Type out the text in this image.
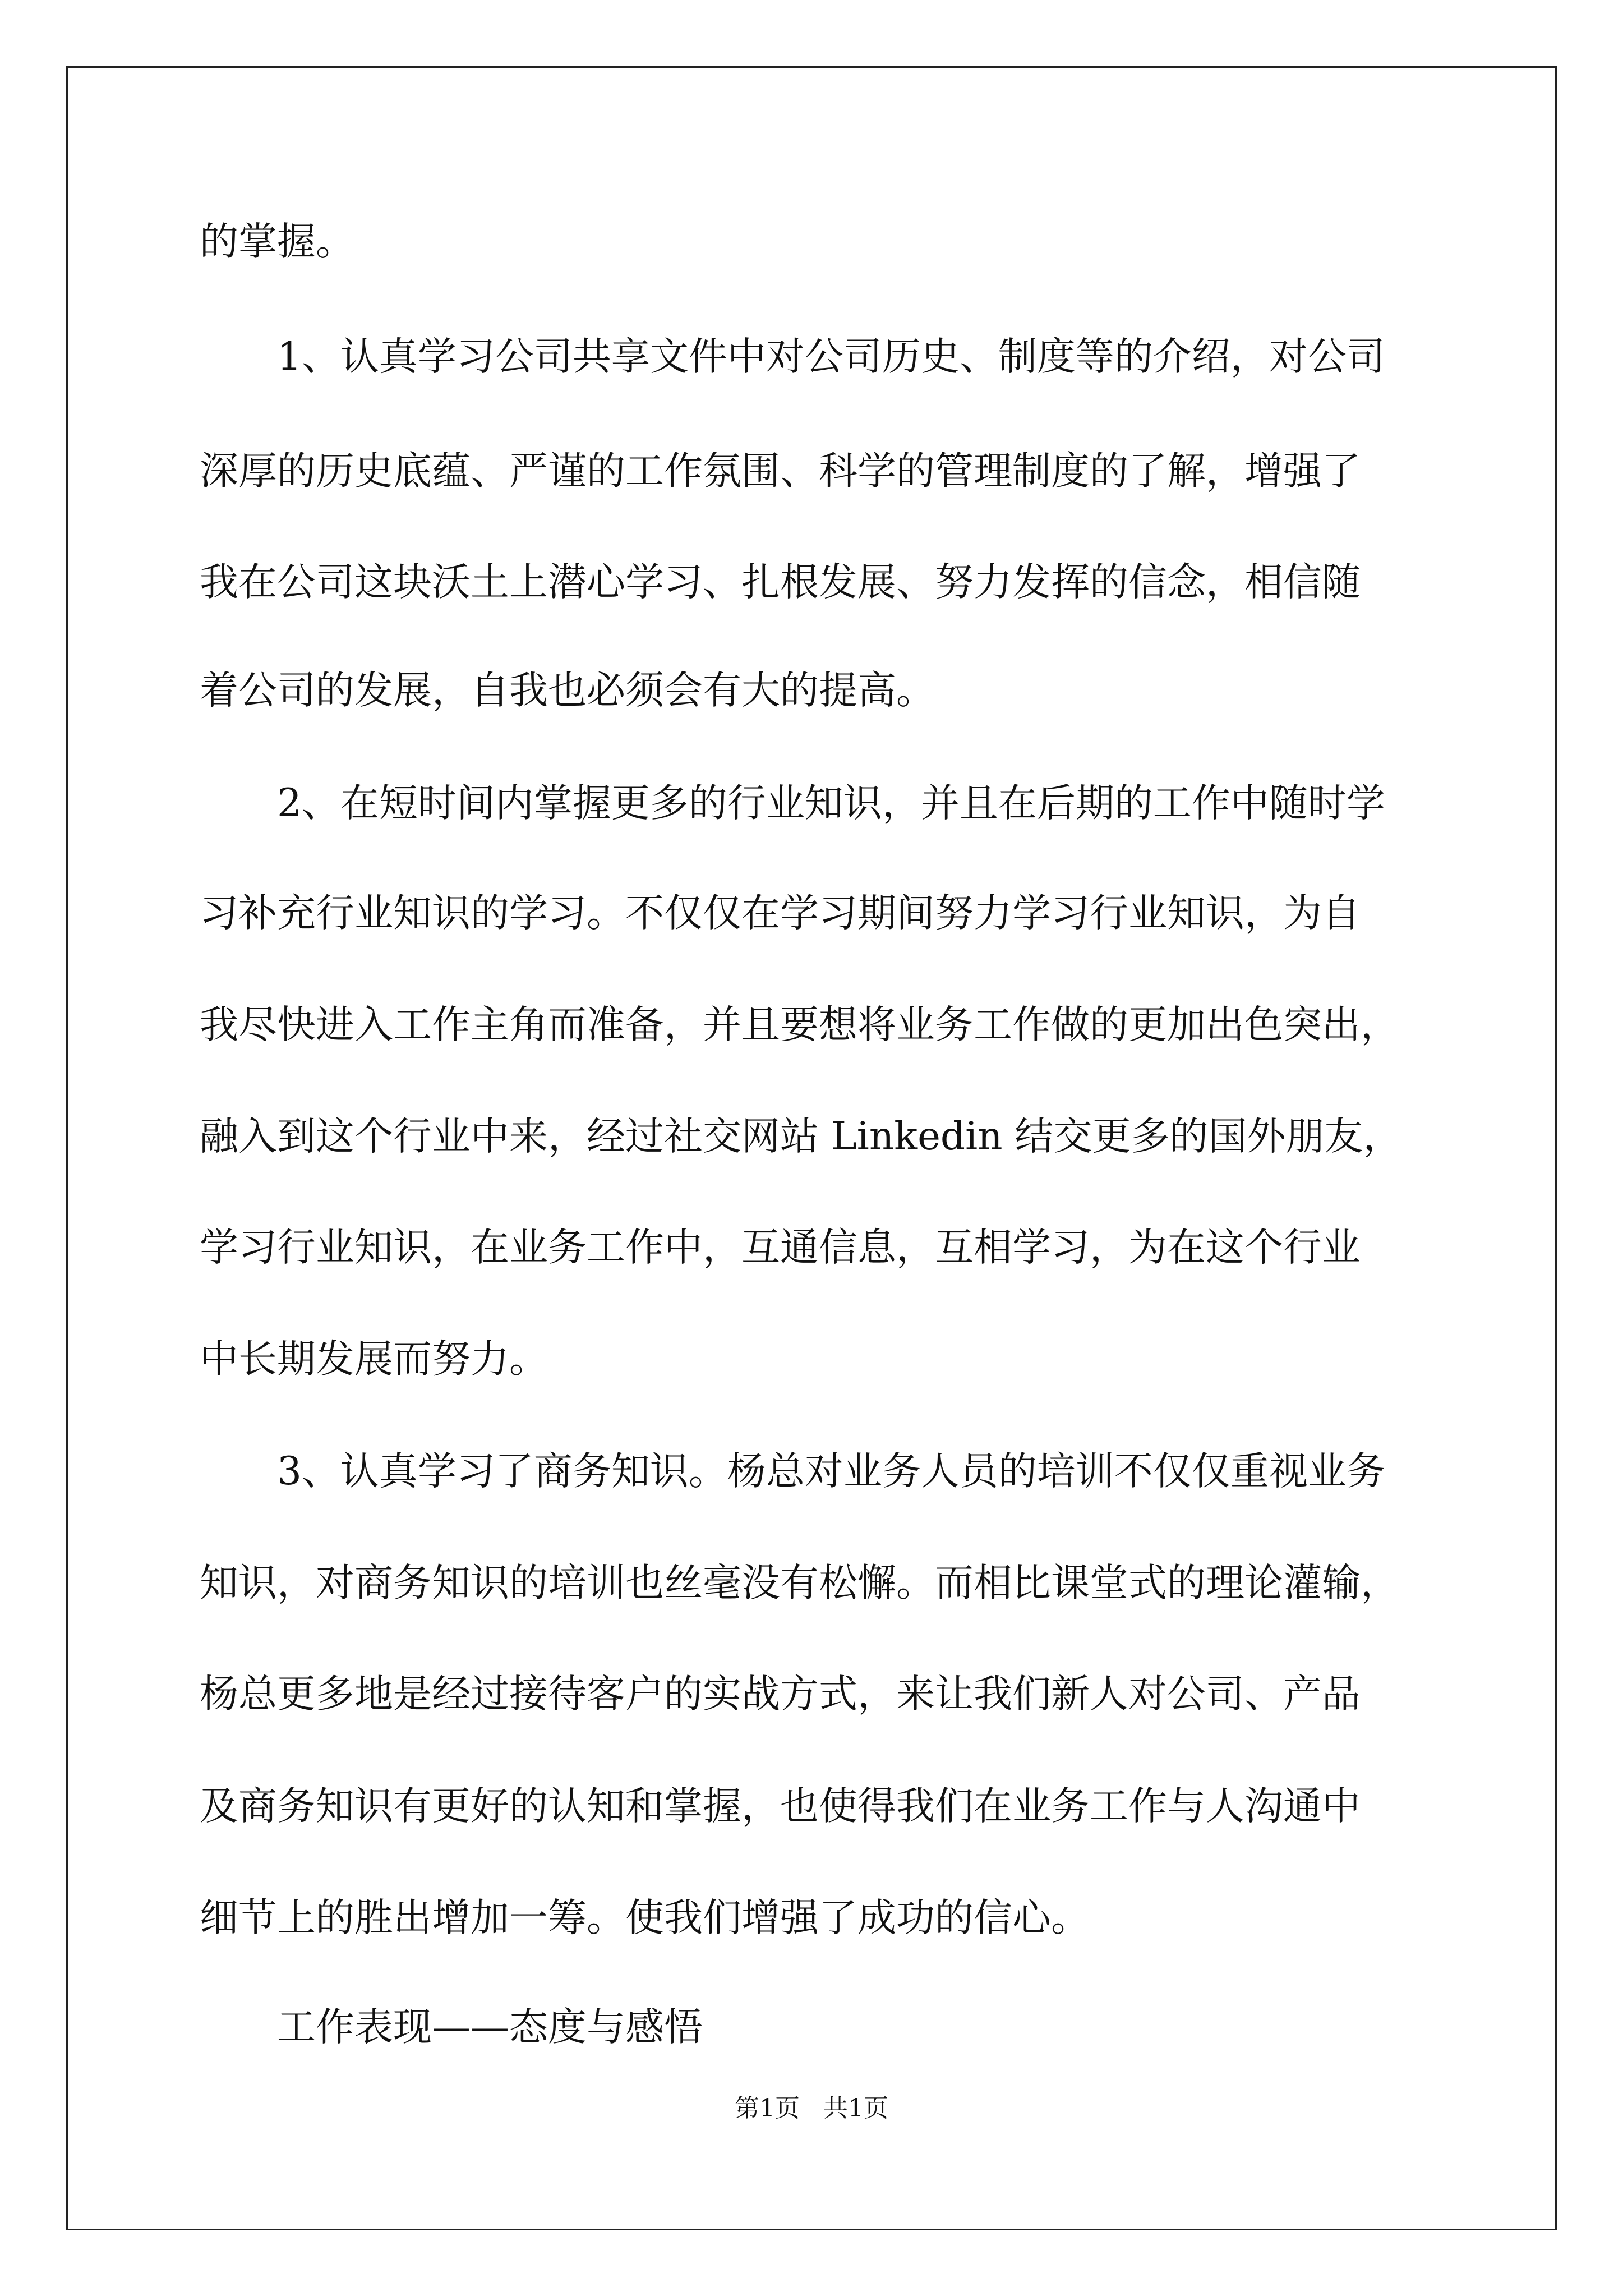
的掌握。
1、认真学习公司共享文件中对公司历史、制度等的介绍，对公司
深厚的历史底蕴、严谨的工作氛围、科学的管理制度的了解，增强了
我在公司这块沃土上潜心学习、扎根发展、努力发挥的信念，相信随
着公司的发展，自我也必须会有大的提高。
2、在短时间内掌握更多的行业知识，并且在后期的工作中随时学
习补充行业知识的学习。不仅仅在学习期间努力学习行业知识，为自
我尽快进入工作主角而准备，并且要想将业务工作做的更加出色突出，
融入到这个行业中来，经过社交网站 Linkedin 结交更多的国外朋友，
学习行业知识，在业务工作中，互通信息，互相学习，为在这个行业
中长期发展而努力。
3、认真学习了商务知识。杨总对业务人员的培训不仅仅重视业务
知识，对商务知识的培训也丝毫没有松懈。而相比课堂式的理论灌输，
杨总更多地是经过接待客户的实战方式，来让我们新人对公司、产品
及商务知识有更好的认知和掌握，也使得我们在业务工作与人沟通中
细节上的胜出增加一筹。使我们增强了成功的信心。
工作表现——态度与感悟
第1页   共1页
